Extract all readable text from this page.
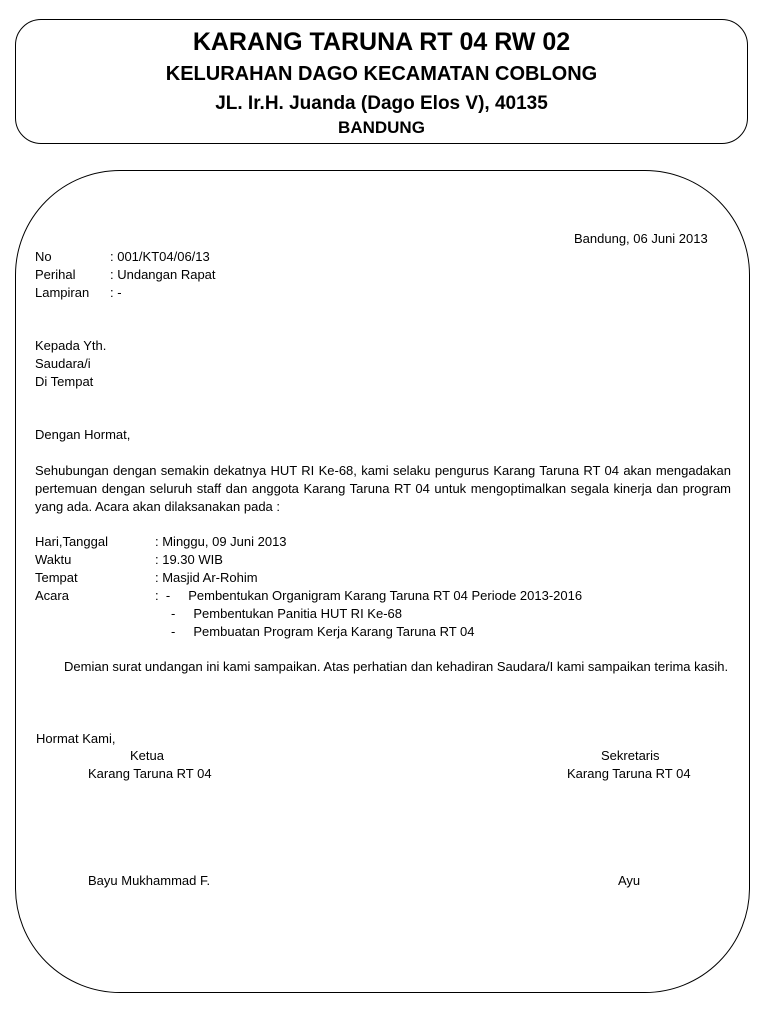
KARANG TARUNA RT 04 RW 02
KELURAHAN DAGO KECAMATAN COBLONG
JL. Ir.H. Juanda (Dago Elos V), 40135
BANDUNG
Bandung, 06 Juni 2013
No	: 001/KT04/06/13
Perihal	: Undangan Rapat
Lampiran : -
Kepada Yth.
Saudara/i
Di Tempat
Dengan Hormat,
Sehubungan dengan semakin dekatnya HUT RI Ke-68, kami selaku pengurus Karang Taruna RT 04 akan mengadakan pertemuan dengan seluruh staff dan anggota Karang Taruna RT 04 untuk mengoptimalkan segala kinerja dan program yang ada. Acara akan dilaksanakan pada :
Hari,Tanggal	: Minggu, 09 Juni 2013
Waktu	: 19.30 WIB
Tempat	: Masjid Ar-Rohim
Acara	:  -     Pembentukan Organigram Karang Taruna RT 04 Periode 2013-2016
-     Pembentukan Panitia HUT RI Ke-68
-     Pembuatan Program Kerja Karang Taruna RT 04
Demian surat undangan ini kami sampaikan. Atas perhatian dan kehadiran Saudara/I kami sampaikan terima kasih.
Hormat Kami,
Ketua
Karang Taruna RT 04
Bayu Mukhammad F.
Sekretaris
Karang Taruna RT 04
Ayu
